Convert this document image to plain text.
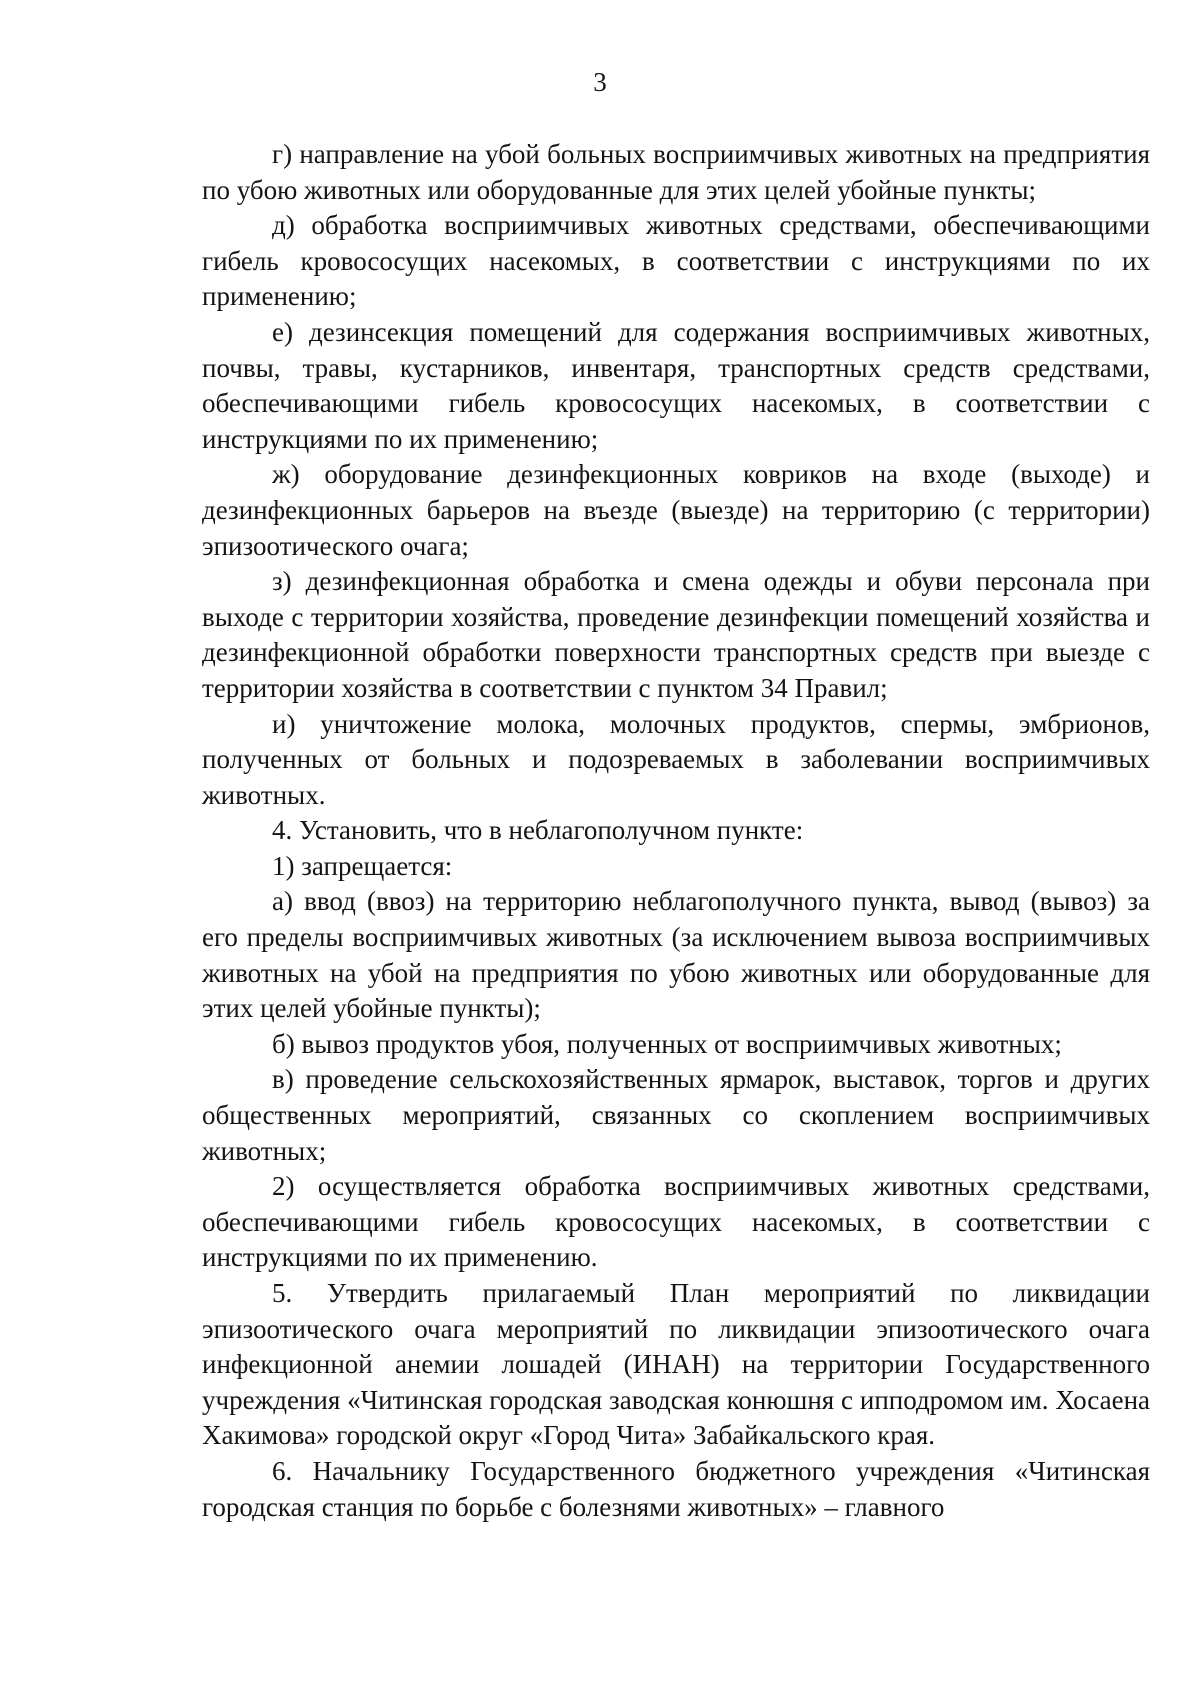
3

г) направление на убой больных восприимчивых животных на предприятия по убою животных или оборудованные для этих целей убойные пункты;

д) обработка восприимчивых животных средствами, обеспечивающими гибель кровососущих насекомых, в соответствии с инструкциями по их применению;

е) дезинсекция помещений для содержания восприимчивых животных, почвы, травы, кустарников, инвентаря, транспортных средств средствами, обеспечивающими гибель кровососущих насекомых, в соответствии с инструкциями по их применению;

ж) оборудование дезинфекционных ковриков на входе (выходе) и дезинфекционных барьеров на въезде (выезде) на территорию (с территории) эпизоотического очага;

з) дезинфекционная обработка и смена одежды и обуви персонала при выходе с территории хозяйства, проведение дезинфекции помещений хозяйства и дезинфекционной обработки поверхности транспортных средств при выезде с территории хозяйства в соответствии с пунктом 34 Правил;

и) уничтожение молока, молочных продуктов, спермы, эмбрионов, полученных от больных и подозреваемых в заболевании восприимчивых животных.

4. Установить, что в неблагополучном пункте:

1) запрещается:

а) ввод (ввоз) на территорию неблагополучного пункта, вывод (вывоз) за его пределы восприимчивых животных (за исключением вывоза восприимчивых животных на убой на предприятия по убою животных или оборудованные для этих целей убойные пункты);

б) вывоз продуктов убоя, полученных от восприимчивых животных;

в) проведение сельскохозяйственных ярмарок, выставок, торгов и других общественных мероприятий, связанных со скоплением восприимчивых животных;

2) осуществляется обработка восприимчивых животных средствами, обеспечивающими гибель кровососущих насекомых, в соответствии с инструкциями по их применению.

5. Утвердить прилагаемый План мероприятий по ликвидации эпизоотического очага мероприятий по ликвидации эпизоотического очага инфекционной анемии лошадей (ИНАН) на территории Государственного учреждения «Читинская городская заводская конюшня с ипподромом им. Хосаена Хакимова» городской округ «Город Чита» Забайкальского края.

6. Начальнику Государственного бюджетного учреждения «Читинская городская станция по борьбе с болезнями животных» – главного
